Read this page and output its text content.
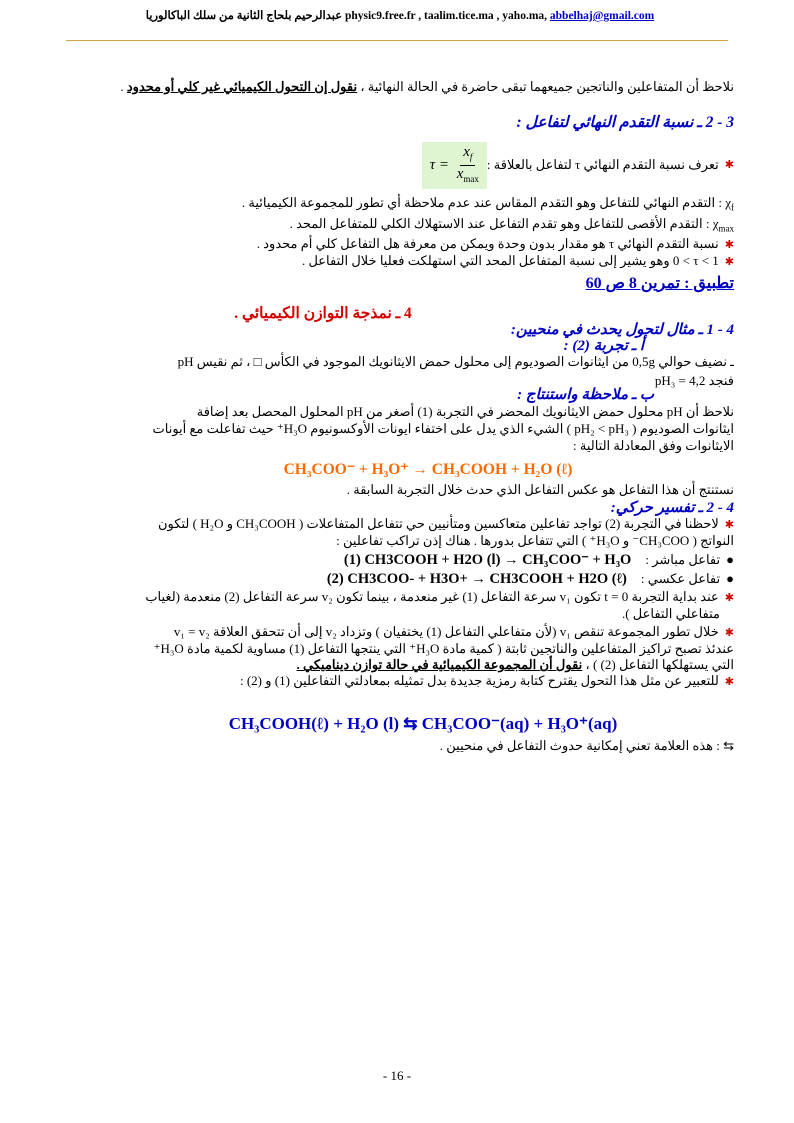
عبدالرحيم بلحاج الثانية من سلك الباكالوريا physic9.free.fr , taalim.tice.ma , yaho.ma, abbelhaj@gmail.com

نلاحظ أن المتفاعلين والناتجين جميعهما تبقى حاضرة في الحالة النهائية ، نقول إن التحول الكيميائي غير كلي أو محدود .

3 - 2 ـ نسبة التقدم النهائي لتفاعل :
✱
تعرف نسبة التقدم النهائي τ لتفاعل بالعلاقة :
$\tau = \frac{x_f}{x_{max}}$

$\chi_f$ : التقدم النهائي للتفاعل وهو التقدم المقاس عند عدم ملاحظة أي تطور للمجموعة الكيميائية .

$\chi_{max}$ : التقدم الأقصى للتفاعل وهو تقدم التفاعل عند الاستهلاك الكلي للمتفاعل المحد .

✱نسبة التقدم النهائي τ هو مقدار بدون وحدة ويمكن من معرفة هل التفاعل كلي أم محدود .

✱0 < τ < 1 وهو يشير إلى نسبة المتفاعل المحد التي استهلكت فعليا خلال التفاعل .

تطبيق : تمرين 8 ص 60
4 ـ نمذجة التوازن الكيميائي .
4 - 1 ـ مثال لتحول يحدث في منحيين:
أ ـ تجربة (2) :

ـ نضيف حوالي 0,5g من ايثانوات الصوديوم إلى محلول حمض الايثانويك الموجود في الكأس □ ، ثم نقيس pH

فنجد pH₃ = 4,2

ب ـ ملاحظة واستنتاج :

نلاحظ أن pH محلول حمض الايثانويك المحضر في التجربة (1) أصغر من pH المحلول المحصل بعد إضافة

ايثانوات الصوديوم ( pH₂ < pH₃ ) الشيء الذي يدل على اختفاء ايونات الأوكسونيوم H₃O⁺ حيث تفاعلت مع أيونات

الايثانوات وفق المعادلة التالية :

CH₃COO⁻ + H₃O⁺ → CH₃COOH + H₂O (ℓ)

نستنتج أن هذا التفاعل هو عكس التفاعل الذي حدث خلال التجربة السابقة .

4 - 2 ـ تفسير حركي:

✱لاحظنا في التجربة (2) تواجد تفاعلين متعاكسين ومتأنيين حي تتفاعل المتفاعلات ( CH₃COOH و H₂O ) لتكون

النواتج ( CH₃COO⁻ و H₃O⁺ ) التي تتفاعل بدورها . هناك إذن تراكب تفاعلين :

●
تفاعل مباشر :
(1) CH3COOH + H2O (l) → CH₃COO⁻ + H₃O
●
تفاعل عكسي :
(2) CH3COO- + H3O+ → CH3COOH + H2O (ℓ)

✱عند بداية التجربة t = 0 تكون v₁ سرعة التفاعل (1) غير منعدمة ، بينما تكون v₂ سرعة التفاعل (2) منعدمة (لغياب

متفاعلي التفاعل ).

✱خلال تطور المجموعة تنقص v₁ (لأن متفاعلي التفاعل (1) يختفيان ) وتزداد v₂ إلى أن تتحقق العلاقة v₁ = v₂

عندئذ تصبح تراكيز المتفاعلين والناتجين ثابتة ( كمية مادة H₃O⁺ التي ينتجها التفاعل (1) مساوية لكمية مادة H₃O⁺

التي يستهلكها التفاعل (2) ) ، نقول أن المجموعة الكيميائية في حالة توازن ديناميكي .

✱للتعبير عن مثل هذا التحول يقترح كتابة رمزية جديدة بدل تمثيله بمعادلتي التفاعلين (1) و (2) :

CH₃COOH(ℓ) + H₂O (l) ⇆ CH₃COO⁻(aq) + H₃O⁺(aq)

⇆ : هذه العلامة تعني إمكانية حدوث التفاعل في منحيين .

- 16 -
